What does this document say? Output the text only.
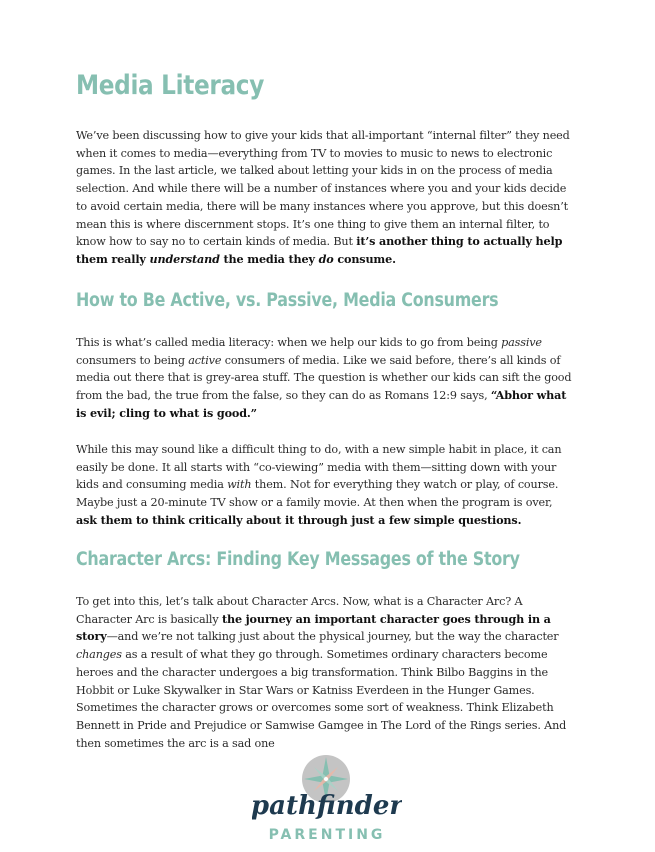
Media Literacy

We’ve been discussing how to give your kids that all-important “internal filter” they need when it comes to media—everything from TV to movies to music to news to electronic games. In the last article, we talked about letting your kids in on the process of media selection. And while there will be a number of instances where you and your kids decide to avoid certain media, there will be many instances where you approve, but this doesn’t mean this is where discernment stops. It’s one thing to give them an internal filter, to know how to say no to certain kinds of media. But it’s another thing to actually help them really understand the media they do consume.

How to Be Active, vs. Passive, Media Consumers

This is what’s called media literacy: when we help our kids to go from being passive consumers to being active consumers of media. Like we said before, there’s all kinds of media out there that is grey-area stuff. The question is whether our kids can sift the good from the bad, the true from the false, so they can do as Romans 12:9 says, “Abhor what is evil; cling to what is good.”

While this may sound like a difficult thing to do, with a new simple habit in place, it can easily be done. It all starts with “co-viewing” media with them—sitting down with your kids and consuming media with them. Not for everything they watch or play, of course. Maybe just a 20-minute TV show or a family movie. At then when the program is over, ask them to think critically about it through just a few simple questions.

Character Arcs: Finding Key Messages of the Story

To get into this, let’s talk about Character Arcs. Now, what is a Character Arc? A Character Arc is basically the journey an important character goes through in a story—and we’re not talking just about the physical journey, but the way the character changes as a result of what they go through. Sometimes ordinary characters become heroes and the character undergoes a big transformation. Think Bilbo Baggins in the Hobbit or Luke Skywalker in Star Wars or Katniss Everdeen in the Hunger Games. Sometimes the character grows or overcomes some sort of weakness. Think Elizabeth Bennett in Pride and Prejudice or Samwise Gamgee in The Lord of the Rings series. And then sometimes the arc is a sad one

pathfinder
PARENTING
